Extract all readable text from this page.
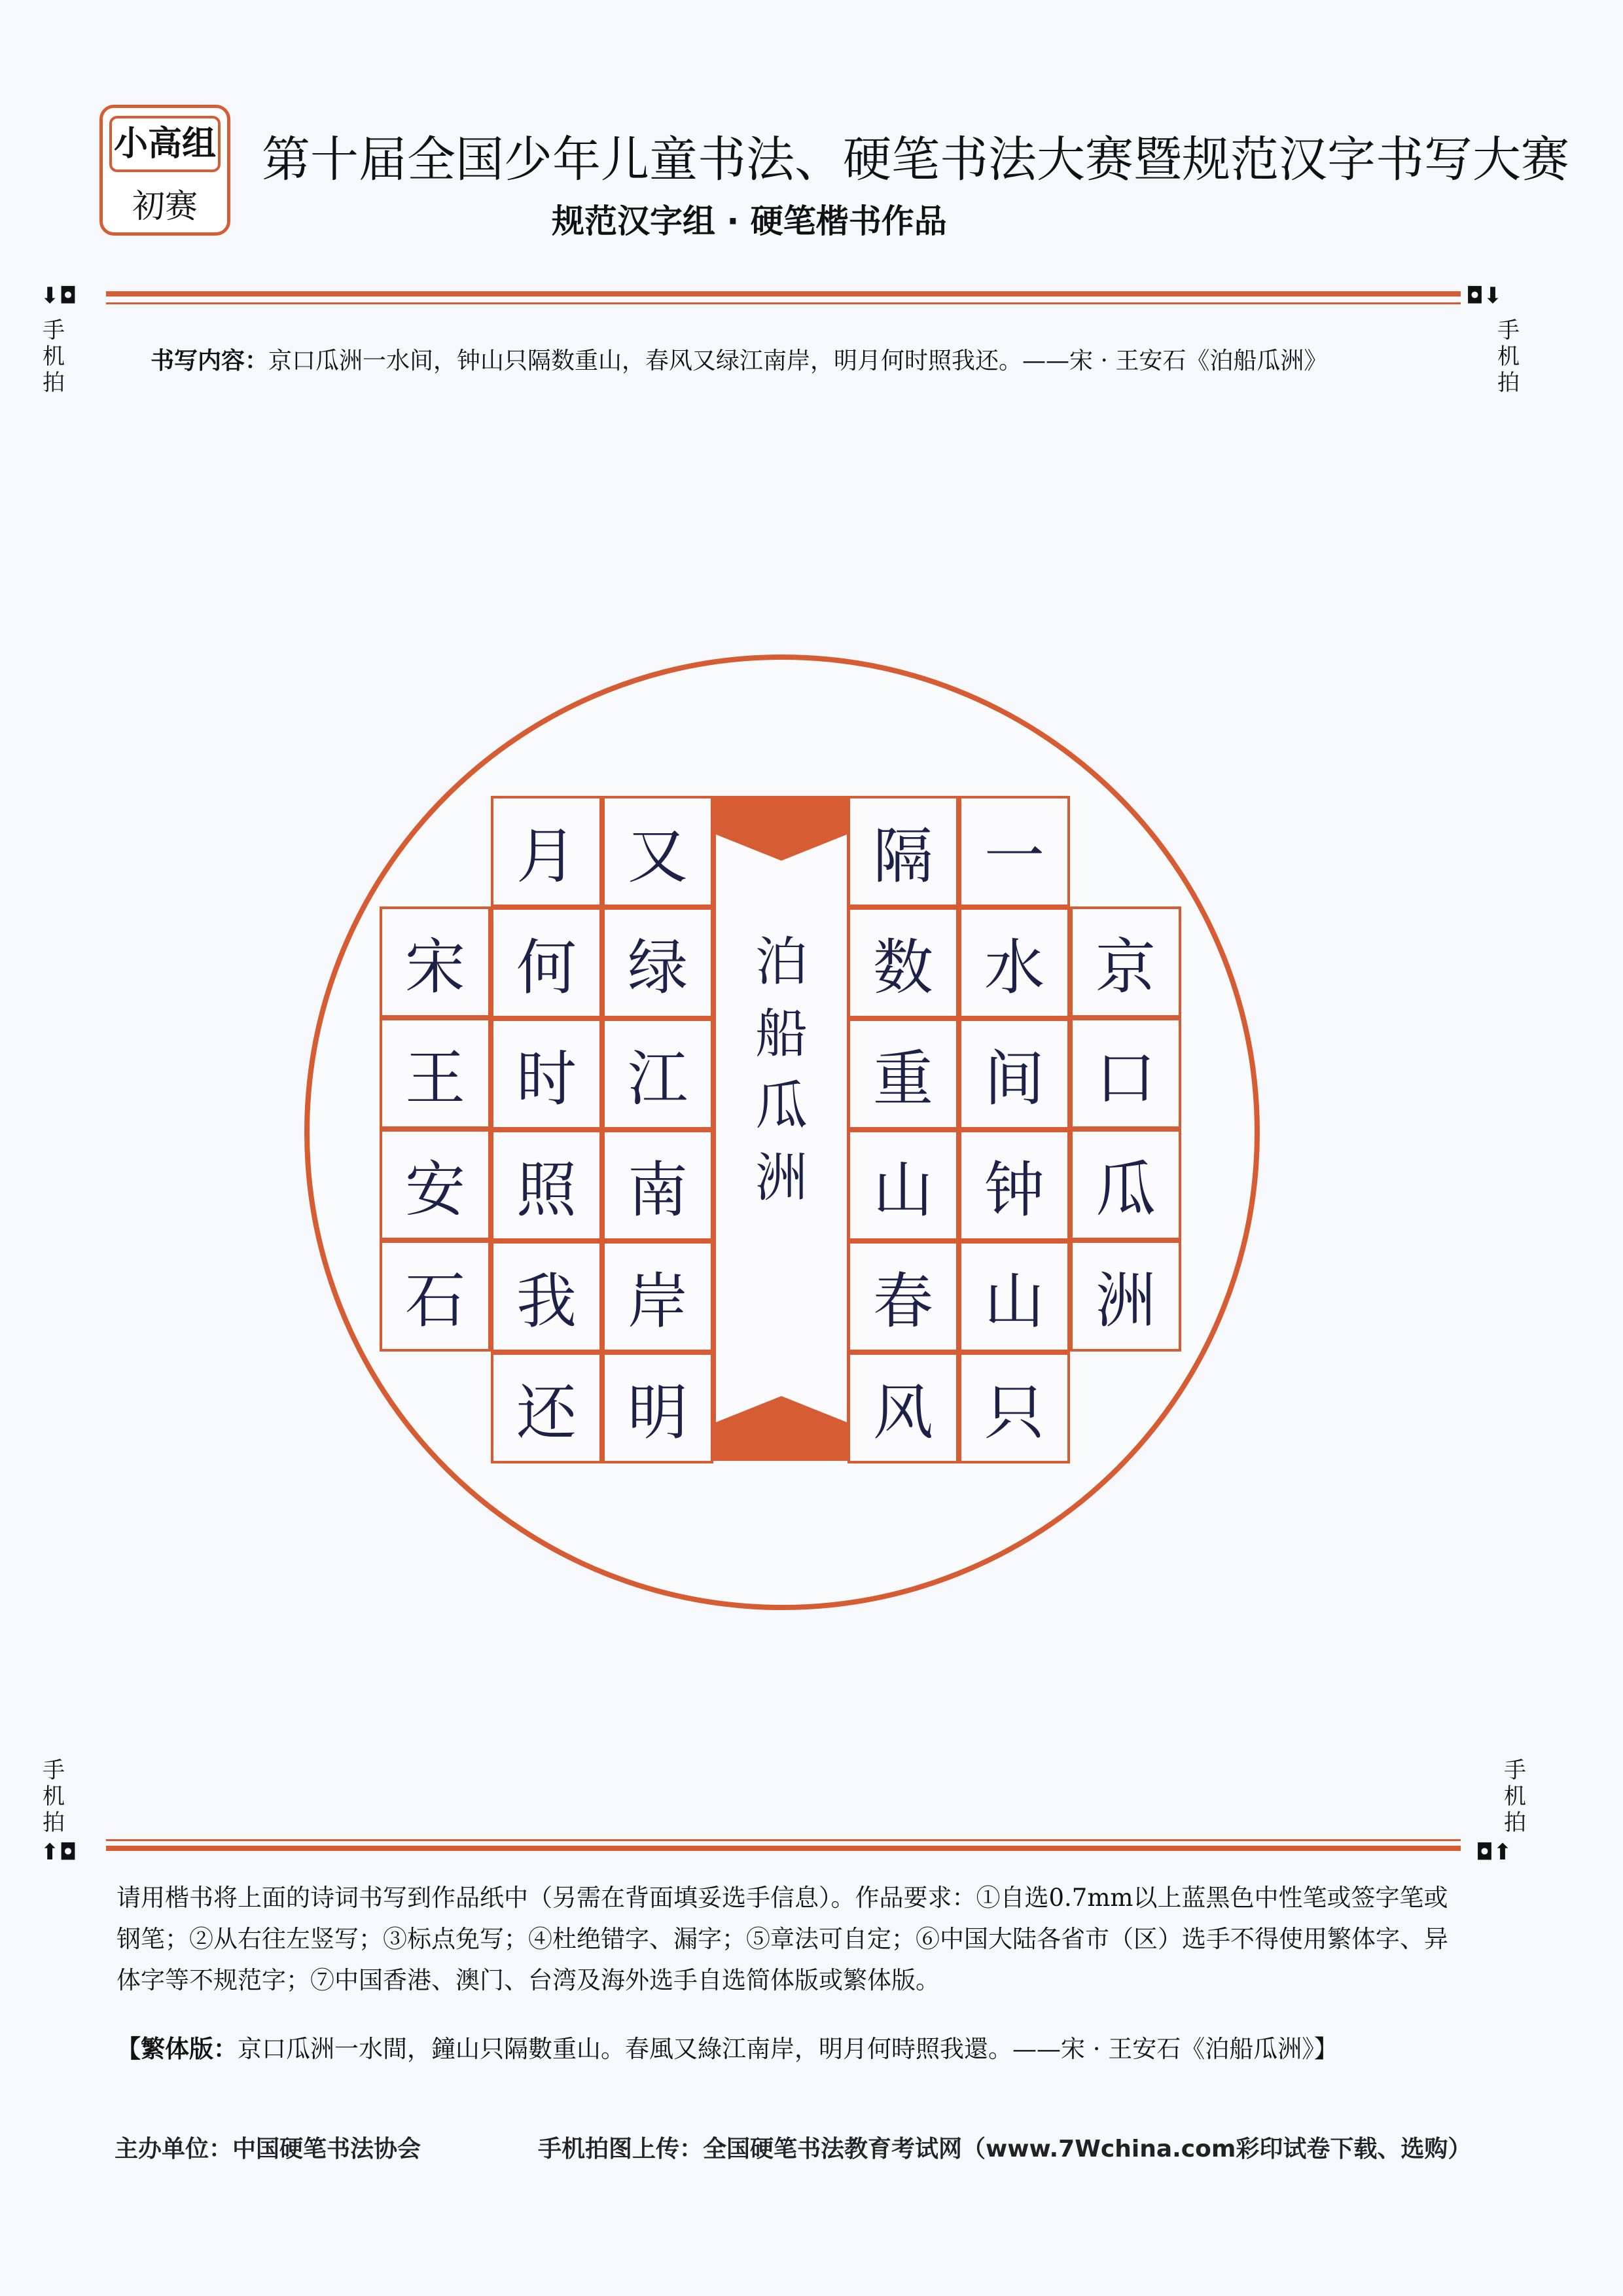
小高组
初赛
第十届全国少年儿童书法、硬笔书法大赛暨规范汉字书写大赛
规范汉字组 · 硬笔楷书作品
⬇◘
手机拍
◘⬇
手机拍
书写内容：京口瓜洲一水间，钟山只隔数重山，春风又绿江南岸，明月何时照我还。——宋 · 王安石《泊船瓜洲》
京
口
瓜
洲
一
水
间
钟
山
只
隔
数
重
山
春
风
又
绿
江
南
岸
明
月
何
时
照
我
还
宋
王
安
石
泊
船
瓜
洲
手机拍
⬆◘
手机拍
◘⬆
请用楷书将上面的诗词书写到作品纸中（另需在背面填妥选手信息）。作品要求：①自选0.7mm以上蓝黑色中性笔或签字笔或钢笔；②从右往左竖写；③标点免写；④杜绝错字、漏字；⑤章法可自定；⑥中国大陆各省市（区）选手不得使用繁体字、异体字等不规范字；⑦中国香港、澳门、台湾及海外选手自选简体版或繁体版。
【繁体版：京口瓜洲一水間，鐘山只隔數重山。春風又綠江南岸，明月何時照我還。——宋 · 王安石《泊船瓜洲》】
主办单位：中国硬笔书法协会	手机拍图上传：全国硬笔书法教育考试网（www.7Wchina.com彩印试卷下载、选购）
